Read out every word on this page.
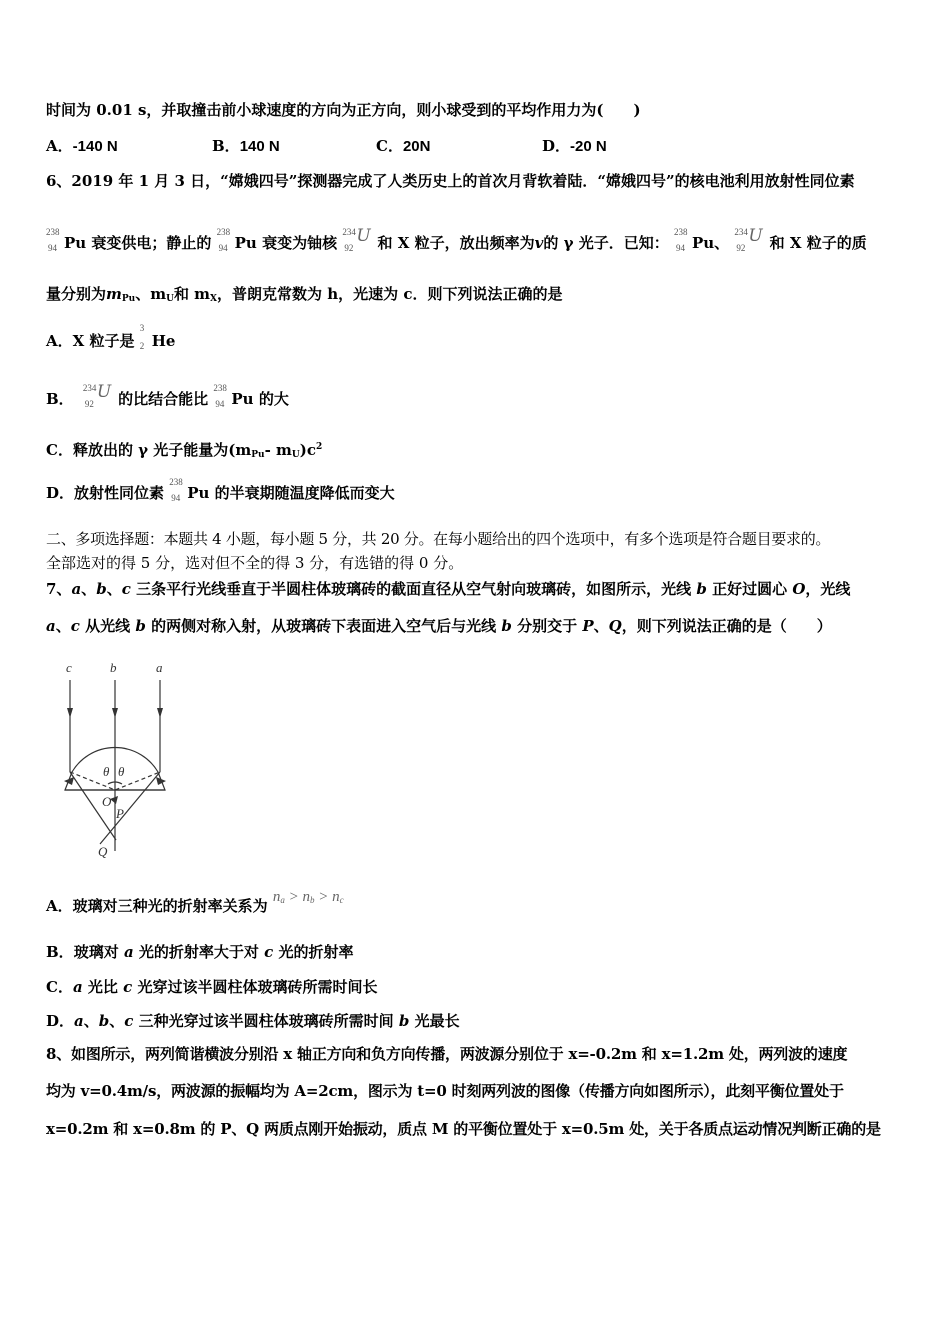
时间为 0.01 s，并取撞击前小球速度的方向为正方向，则小球受到的平均作用力为(　　)
A．-140 N	B．140 N	C．20N	D．-20 N
6、2019 年 1 月 3 日，“嫦娥四号”探测器完成了人类历史上的首次月背软着陆．“嫦娥四号”的核电池利用放射性同位素
238
94 Pu 衰变供电；静止的
238
94 Pu 衰变为铀核
234
92
U 和 X 粒子，放出频率为v的 γ 光子．已知：
238
94 Pu、
234
92
U 和 X 粒子的质
量分别为$m_{Pu}$、$m_U$和 $m_X$，普朗克常数为 h，光速为 c．则下列说法正确的是
A．X 粒子是
3
2 He
B．
234
92
U 的比结合能比
238
94 Pu 的大
C．释放出的 γ 光子能量为($m_{Pu}-$ $m_U)c^2$
D．放射性同位素
238
94 Pu 的半衰期随温度降低而变大
二、多项选择题：本题共 4 小题，每小题 5 分，共 20 分。在每小题给出的四个选项中，有多个选项是符合题目要求的。
全部选对的得 5 分，选对但不全的得 3 分，有选错的得 0 分。
7、a、b、c 三条平行光线垂直于半圆柱体玻璃砖的截面直径从空气射向玻璃砖，如图所示，光线 b 正好过圆心 O，光线
a、c 从光线 b 的两侧对称入射，从玻璃砖下表面进入空气后与光线 b 分别交于 P、Q，则下列说法正确的是（　　）
c	b	a
θ θ
O
P
Q
A．玻璃对三种光的折射率关系为 $n_a > n_b > n_c$
B．玻璃对 a 光的折射率大于对 c 光的折射率
C．a 光比 c 光穿过该半圆柱体玻璃砖所需时间长
D．a、b、c 三种光穿过该半圆柱体玻璃砖所需时间 b 光最长
8、如图所示，两列简谐横波分别沿 x 轴正方向和负方向传播，两波源分别位于 x=-0.2m 和 x=1.2m 处，两列波的速度
均为 v=0.4m/s，两波源的振幅均为 A=2cm，图示为 t=0 时刻两列波的图像（传播方向如图所示），此刻平衡位置处于
x=0.2m 和 x=0.8m 的 P、Q 两质点刚开始振动，质点 M 的平衡位置处于 x=0.5m 处，关于各质点运动情况判断正确的是
